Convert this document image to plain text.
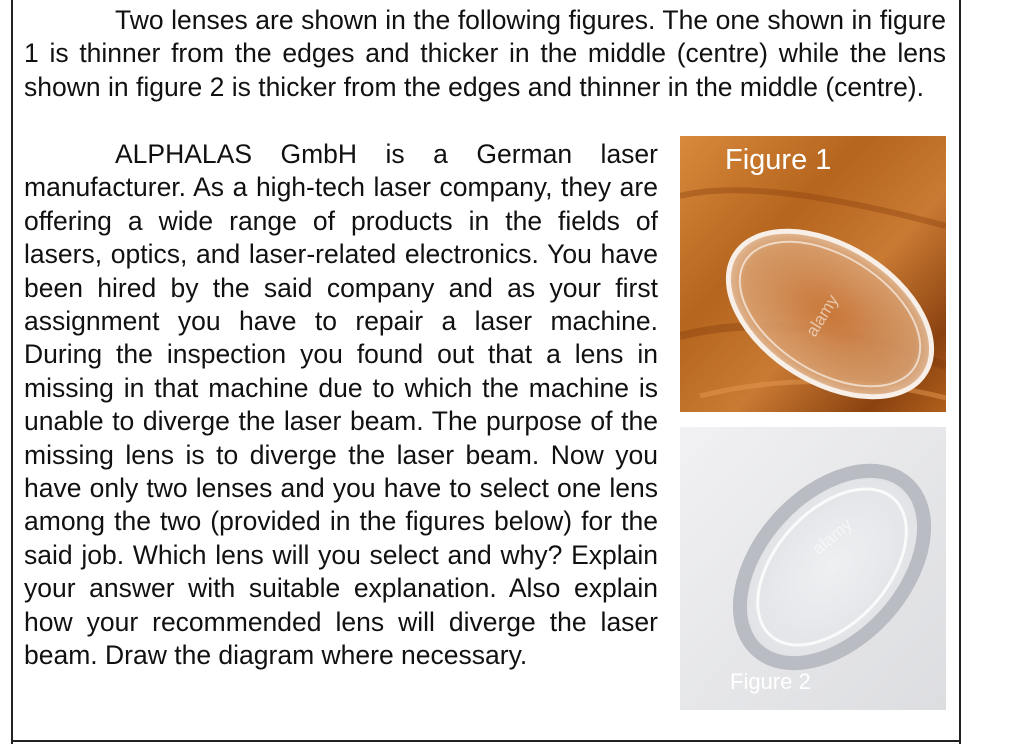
Two lenses are shown in the following figures. The one shown in figure 1 is thinner from the edges and thicker in the middle (centre) while the lens shown in figure 2 is thicker from the edges and thinner in the middle (centre).

ALPHALAS GmbH is a German laser manufacturer. As a high-tech laser company, they are offering a wide range of products in the fields of lasers, optics, and laser-related electronics. You have been hired by the said company and as your first assignment you have to repair a laser machine. During the inspection you found out that a lens in missing in that machine due to which the machine is unable to diverge the laser beam. The purpose of the missing lens is to diverge the laser beam. Now you have only two lenses and you have to select one lens among the two (provided in the figures below) for the said job. Which lens will you select and why? Explain your answer with suitable explanation. Also explain how your recommended lens will diverge the laser beam. Draw the diagram where necessary.

Figure 1
alamy
Figure 2
alamy
